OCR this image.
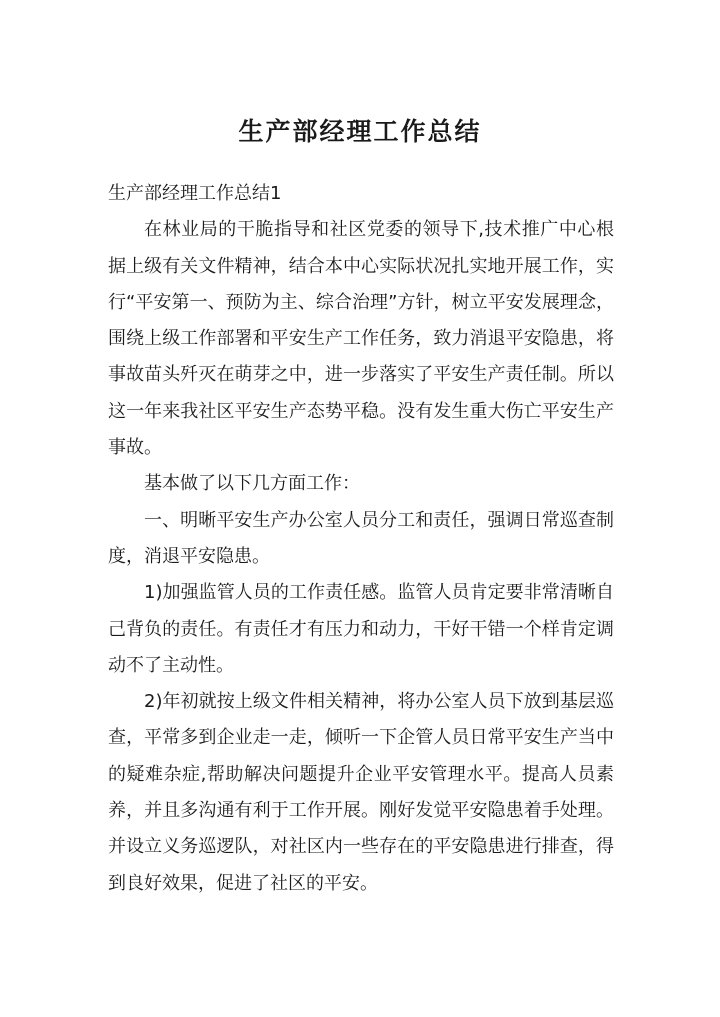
生产部经理工作总结

生产部经理工作总结1

在林业局的干脆指导和社区党委的领导下,技术推广中心根据上级有关文件精神，结合本中心实际状况扎实地开展工作，实行“平安第一、预防为主、综合治理”方针，树立平安发展理念，围绕上级工作部署和平安生产工作任务，致力消退平安隐患，将事故苗头歼灭在萌芽之中，进一步落实了平安生产责任制。所以这一年来我社区平安生产态势平稳。没有发生重大伤亡平安生产事故。

基本做了以下几方面工作：

一、明晰平安生产办公室人员分工和责任，强调日常巡查制度，消退平安隐患。

1)加强监管人员的工作责任感。监管人员肯定要非常清晰自己背负的责任。有责任才有压力和动力，干好干错一个样肯定调动不了主动性。

2)年初就按上级文件相关精神，将办公室人员下放到基层巡查，平常多到企业走一走，倾听一下企管人员日常平安生产当中的疑难杂症,帮助解决问题提升企业平安管理水平。提高人员素养，并且多沟通有利于工作开展。刚好发觉平安隐患着手处理。并设立义务巡逻队，对社区内一些存在的平安隐患进行排查，得到良好效果，促进了社区的平安。
